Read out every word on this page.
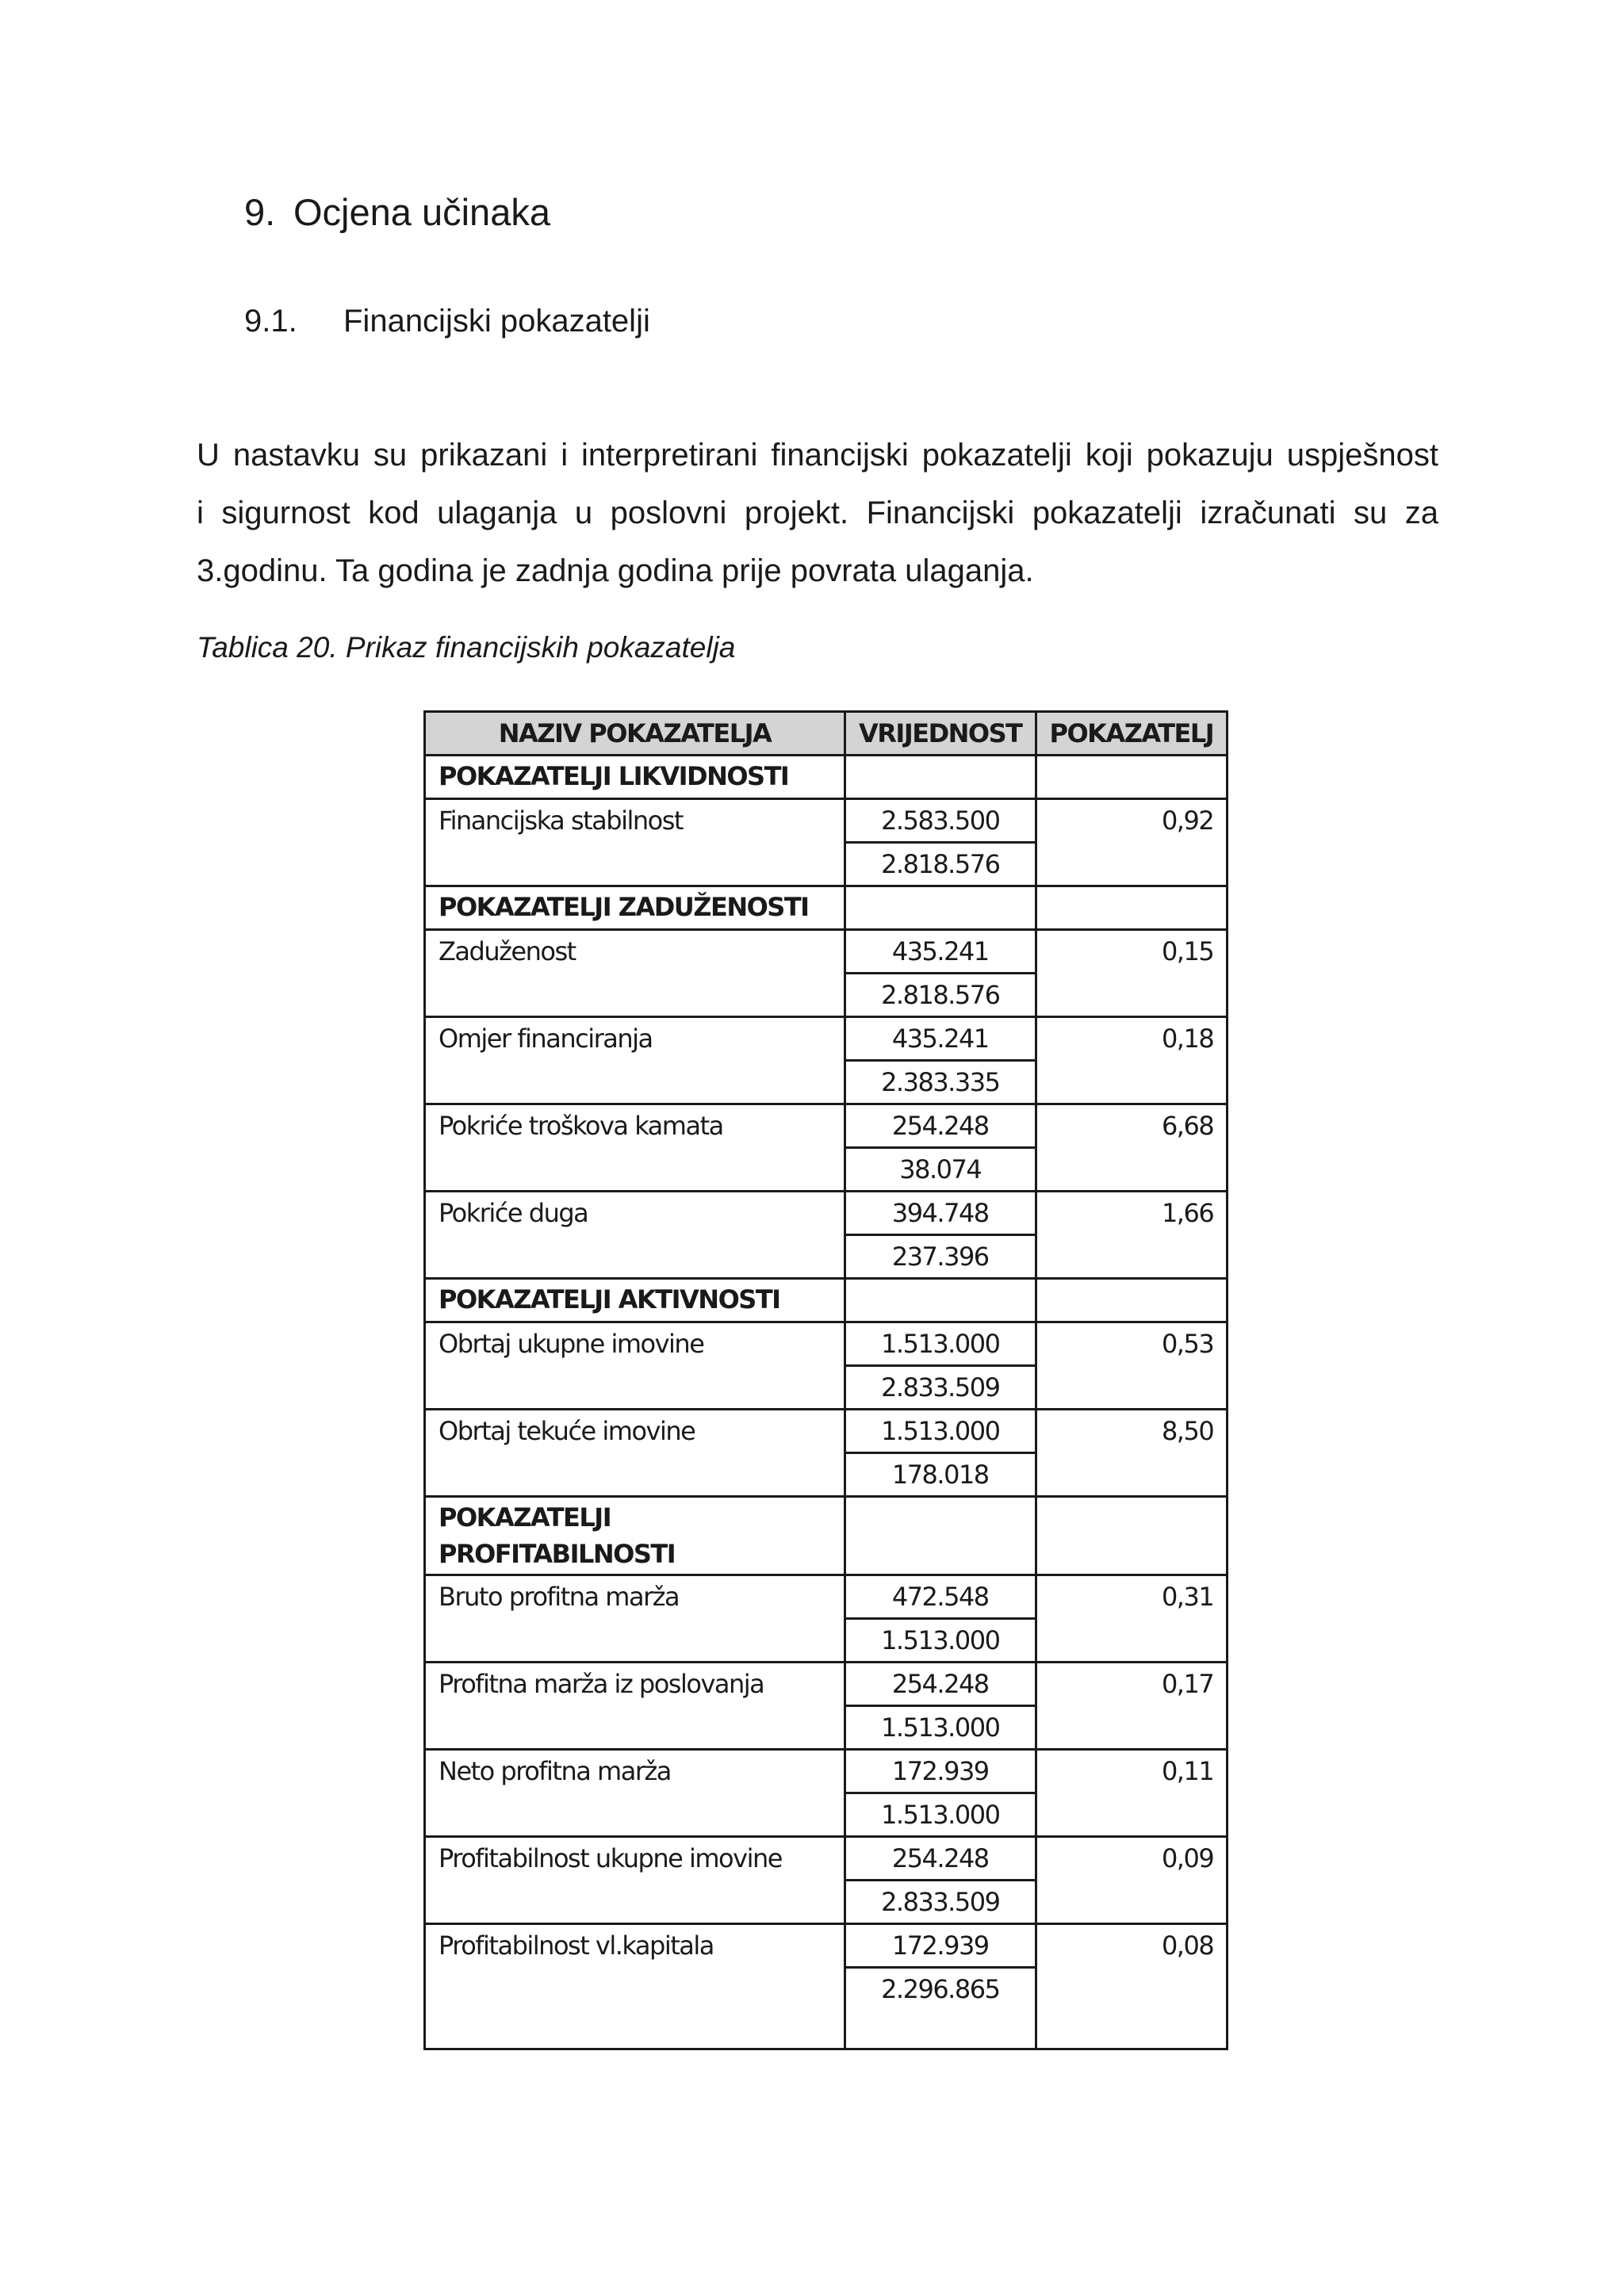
9. Ocjena učinaka
9.1. Financijski pokazatelji

U nastavku su prikazani i interpretirani financijski pokazatelji koji pokazuju uspješnost
i sigurnost kod ulaganja u poslovni projekt. Financijski pokazatelji izračunati su za
3.godinu. Ta godina je zadnja godina prije povrata ulaganja.

Tablica 20. Prikaz financijskih pokazatelja
NAZIV POKAZATELJA	VRIJEDNOST	POKAZATELJ
POKAZATELJI LIKVIDNOSTI		
Financijska stabilnost	2.583.500	0,92
	2.818.576	
POKAZATELJI ZADUŽENOSTI		
Zaduženost	435.241	0,15
	2.818.576	
Omjer financiranja	435.241	0,18
	2.383.335	
Pokriće troškova kamata	254.248	6,68
	38.074	
Pokriće duga	394.748	1,66
	237.396	
POKAZATELJI AKTIVNOSTI		
Obrtaj ukupne imovine	1.513.000	0,53
	2.833.509	
Obrtaj tekuće imovine	1.513.000	8,50
	178.018	
POKAZATELJI
PROFITABILNOSTI		
Bruto profitna marža	472.548	0,31
	1.513.000	
Profitna marža iz poslovanja	254.248	0,17
	1.513.000	
Neto profitna marža	172.939	0,11
	1.513.000	
Profitabilnost ukupne imovine	254.248	0,09
	2.833.509	
Profitabilnost vl.kapitala	172.939	0,08
	2.296.865	
